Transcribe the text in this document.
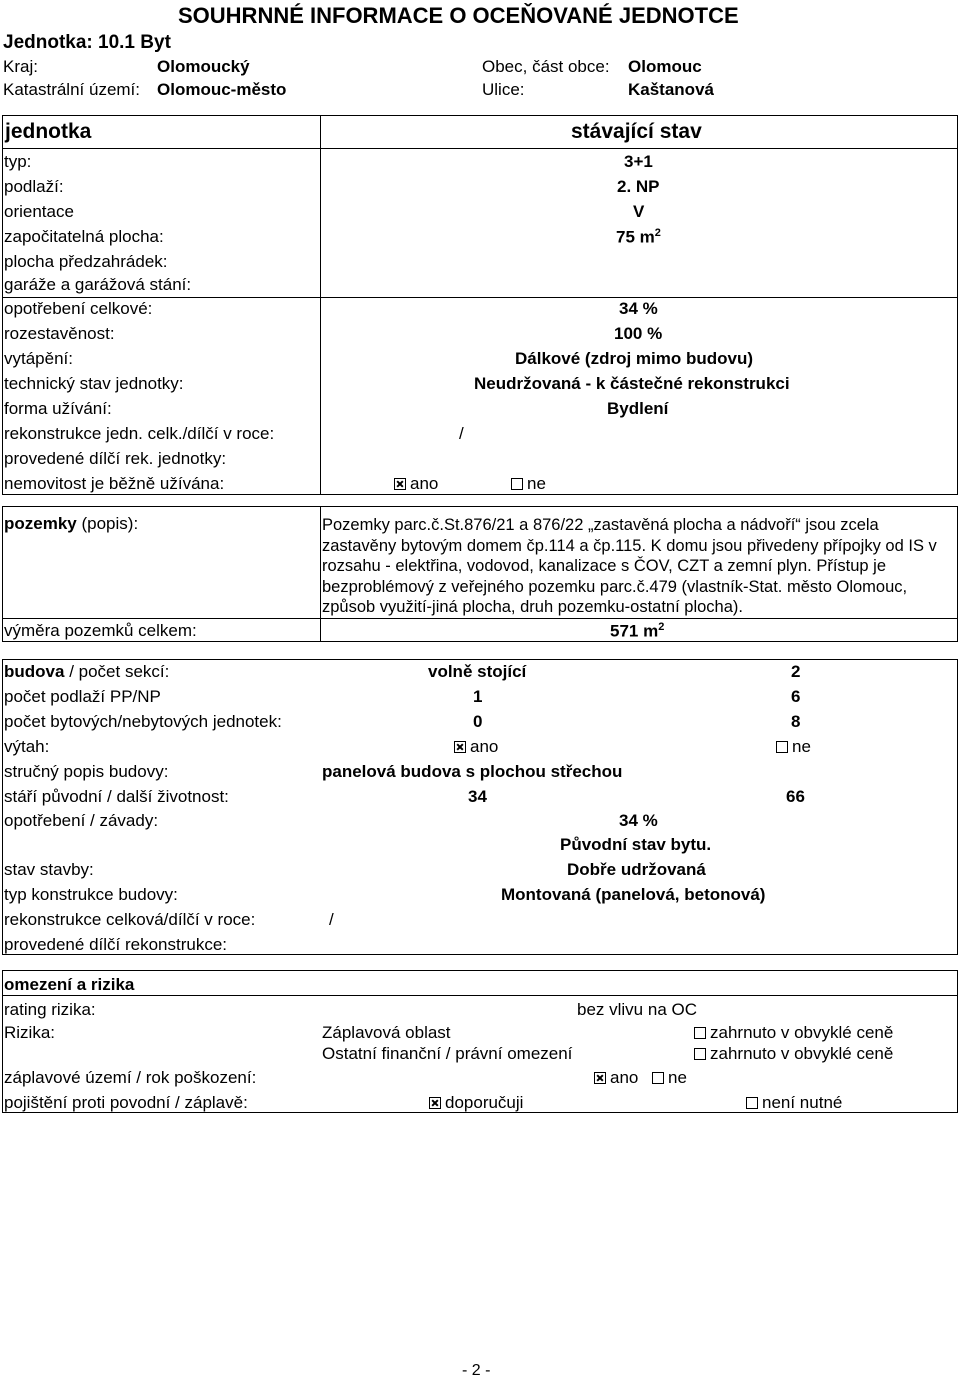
SOUHRNNÉ INFORMACE O OCEŇOVANÉ JEDNOTCE
Jednotka: 10.1 Byt
Kraj:	Olomoucký	Obec, část obce: Olomouc
Katastrální území: Olomouc-město	Ulice:	Kaštanová
jednotka	stávající stav
typ:	3+1
podlaží:	2. NP
orientace	V
započitatelná plocha:	75 $m^2$
plocha předzahrádek:
garáže a garážová stání:
opotřebení celkové:	34 %
rozestavěnost:	100 %
vytápění:	Dálkové (zdroj mimo budovu)
technický stav jednotky:	Neudržovaná - k částečné rekonstrukci
forma užívání:	Bydlení
rekonstrukce jedn. celk./dílčí v roce:	/
provedené dílčí rek. jednotky:
nemovitost je běžně užívána:	ano	ne
pozemky (popis):	Pozemky parc.č.St.876/21 a 876/22 „zastavěná plocha a nádvoří“ jsou zcela zastavěny bytovým domem čp.114 a čp.115. K domu jsou přivedeny přípojky od IS v rozsahu - elektřina, vodovod, kanalizace s ČOV, CZT a zemní plyn. Přístup je bezproblémový z veřejného pozemku parc.č.479 (vlastník-Stat. město Olomouc, způsob využití-jiná plocha, druh pozemku-ostatní plocha).
výměra pozemků celkem:	571 $m^2$
budova / počet sekcí:	volně stojící	2
počet podlaží PP/NP	1	6
počet bytových/nebytových jednotek:	0	8
výtah:	ano	ne
stručný popis budovy:	panelová budova s plochou střechou
stáří původní / další životnost:	34	66
opotřebení / závady:	34 %
Původní stav bytu.
stav stavby:	Dobře udržovaná
typ konstrukce budovy:	Montovaná (panelová, betonová)
rekonstrukce celková/dílčí v roce:	/
provedené dílčí rekonstrukce:
omezení a rizika
rating rizika:	bez vlivu na OC
Rizika:	Záplavová oblast	zahrnuto v obvyklé ceně
Ostatní finanční / právní omezení	zahrnuto v obvyklé ceně
záplavové území / rok poškození:	ano	ne
pojištění proti povodní / záplavě:	doporučuji	není nutné
- 2 -
